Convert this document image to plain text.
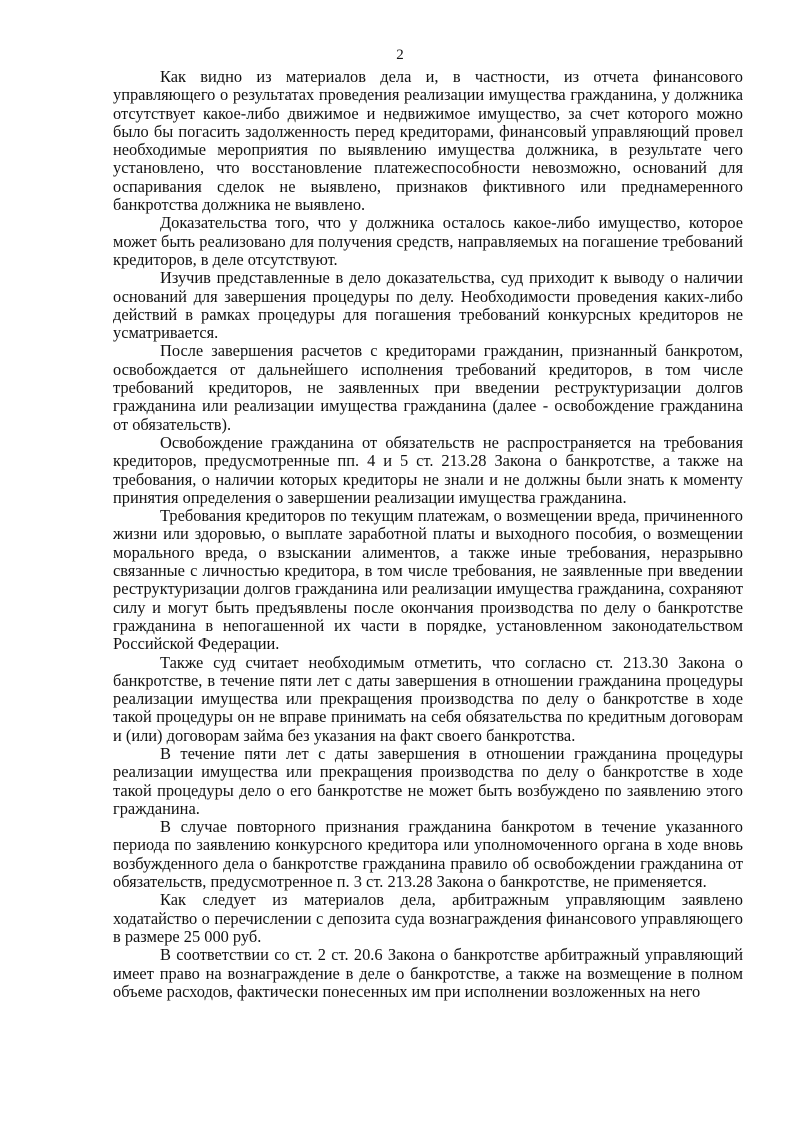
2

Как видно из материалов дела и, в частности, из отчета финансового управляющего о результатах проведения реализации имущества гражданина, у должника отсутствует какое-либо движимое и недвижимое имущество, за счет которого можно было бы погасить задолженность перед кредиторами, финансовый управляющий провел необходимые мероприятия по выявлению имущества должника, в результате чего установлено, что восстановление платежеспособности невозможно, оснований для оспаривания сделок не выявлено, признаков фиктивного или преднамеренного банкротства должника не выявлено.

Доказательства того, что у должника осталось какое-либо имущество, которое может быть реализовано для получения средств, направляемых на погашение требований кредиторов, в деле отсутствуют.

Изучив представленные в дело доказательства, суд приходит к выводу о наличии оснований для завершения процедуры по делу. Необходимости проведения каких-либо действий в рамках процедуры для погашения требований конкурсных кредиторов не усматривается.

После завершения расчетов с кредиторами гражданин, признанный банкротом, освобождается от дальнейшего исполнения требований кредиторов, в том числе требований кредиторов, не заявленных при введении реструктуризации долгов гражданина или реализации имущества гражданина (далее - освобождение гражданина от обязательств).

Освобождение гражданина от обязательств не распространяется на требования кредиторов, предусмотренные пп. 4 и 5 ст. 213.28 Закона о банкротстве, а также на требования, о наличии которых кредиторы не знали и не должны были знать к моменту принятия определения о завершении реализации имущества гражданина.

Требования кредиторов по текущим платежам, о возмещении вреда, причиненного жизни или здоровью, о выплате заработной платы и выходного пособия, о возмещении морального вреда, о взыскании алиментов, а также иные требования, неразрывно связанные с личностью кредитора, в том числе требования, не заявленные при введении реструктуризации долгов гражданина или реализации имущества гражданина, сохраняют силу и могут быть предъявлены после окончания производства по делу о банкротстве гражданина в непогашенной их части в порядке, установленном законодательством Российской Федерации.

Также суд считает необходимым отметить, что согласно ст. 213.30 Закона о банкротстве, в течение пяти лет с даты завершения в отношении гражданина процедуры реализации имущества или прекращения производства по делу о банкротстве в ходе такой процедуры он не вправе принимать на себя обязательства по кредитным договорам и (или) договорам займа без указания на факт своего банкротства.

В течение пяти лет с даты завершения в отношении гражданина процедуры реализации имущества или прекращения производства по делу о банкротстве в ходе такой процедуры дело о его банкротстве не может быть возбуждено по заявлению этого гражданина.

В случае повторного признания гражданина банкротом в течение указанного периода по заявлению конкурсного кредитора или уполномоченного органа в ходе вновь возбужденного дела о банкротстве гражданина правило об освобождении гражданина от обязательств, предусмотренное п. 3 ст. 213.28 Закона о банкротстве, не применяется.

Как следует из материалов дела, арбитражным управляющим заявлено ходатайство о перечислении с депозита суда вознаграждения финансового управляющего в размере 25 000 руб.

В соответствии со ст. 2 ст. 20.6 Закона о банкротстве арбитражный управляющий имеет право на вознаграждение в деле о банкротстве, а также на возмещение в полном объеме расходов, фактически понесенных им при исполнении возложенных на него
